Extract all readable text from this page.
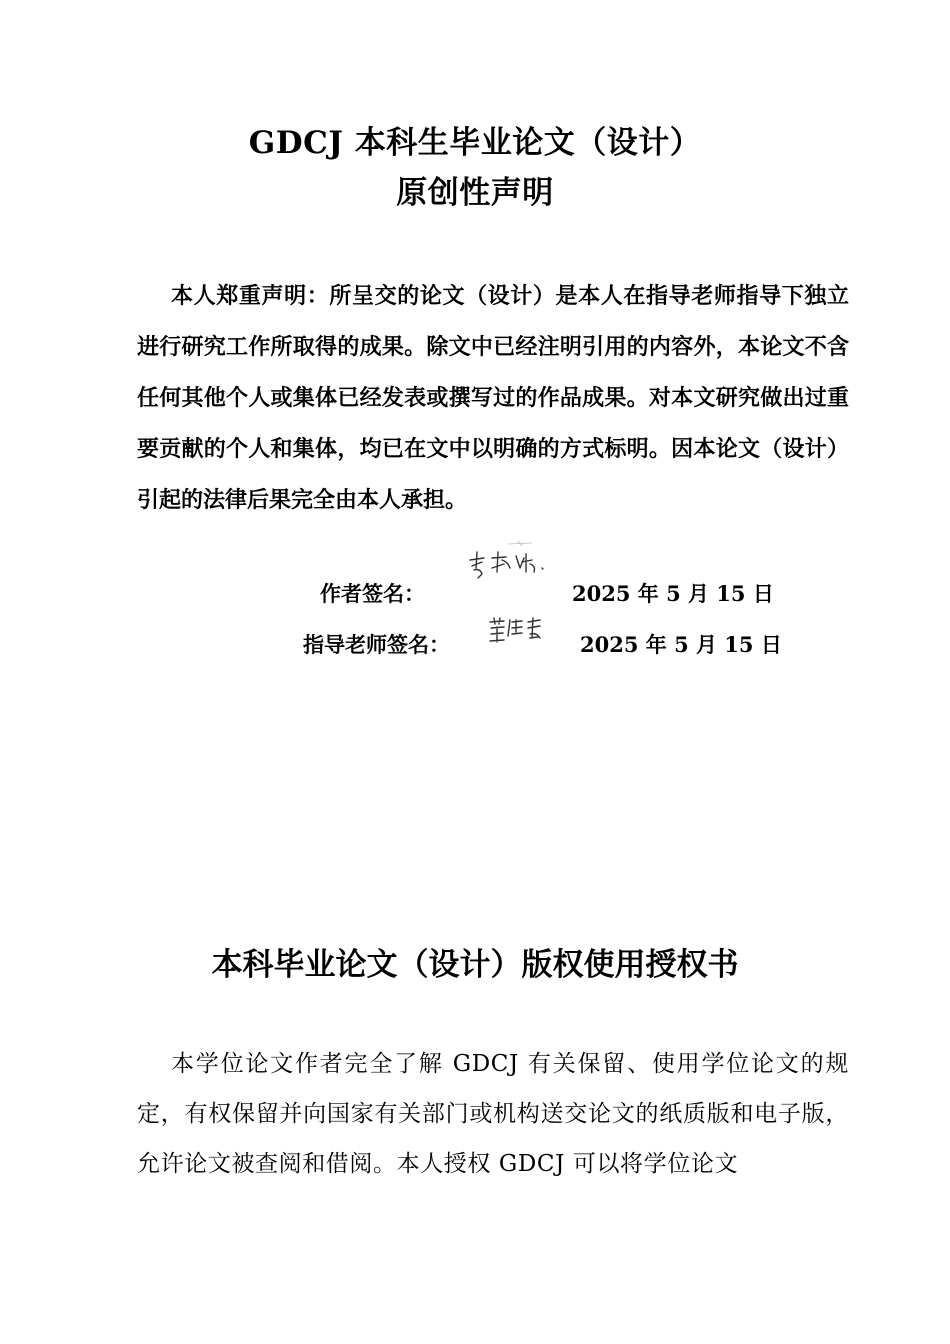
GDCJ 本科生毕业论文（设计）
原创性声明

本人郑重声明：所呈交的论文（设计）是本人在指导老师指导下独立进行研究工作所取得的成果。除文中已经注明引用的内容外，本论文不含任何其他个人或集体已经发表或撰写过的作品成果。对本文研究做出过重要贡献的个人和集体，均已在文中以明确的方式标明。因本论文（设计）引起的法律后果完全由本人承担。

作者签名：	2025 年 5 月 15 日
指导老师签名：	2025 年 5 月 15 日
本科毕业论文（设计）版权使用授权书

本学位论文作者完全了解 GDCJ 有关保留、使用学位论文的规定，有权保留并向国家有关部门或机构送交论文的纸质版和电子版，允许论文被查阅和借阅。本人授权 GDCJ 可以将学位论文
